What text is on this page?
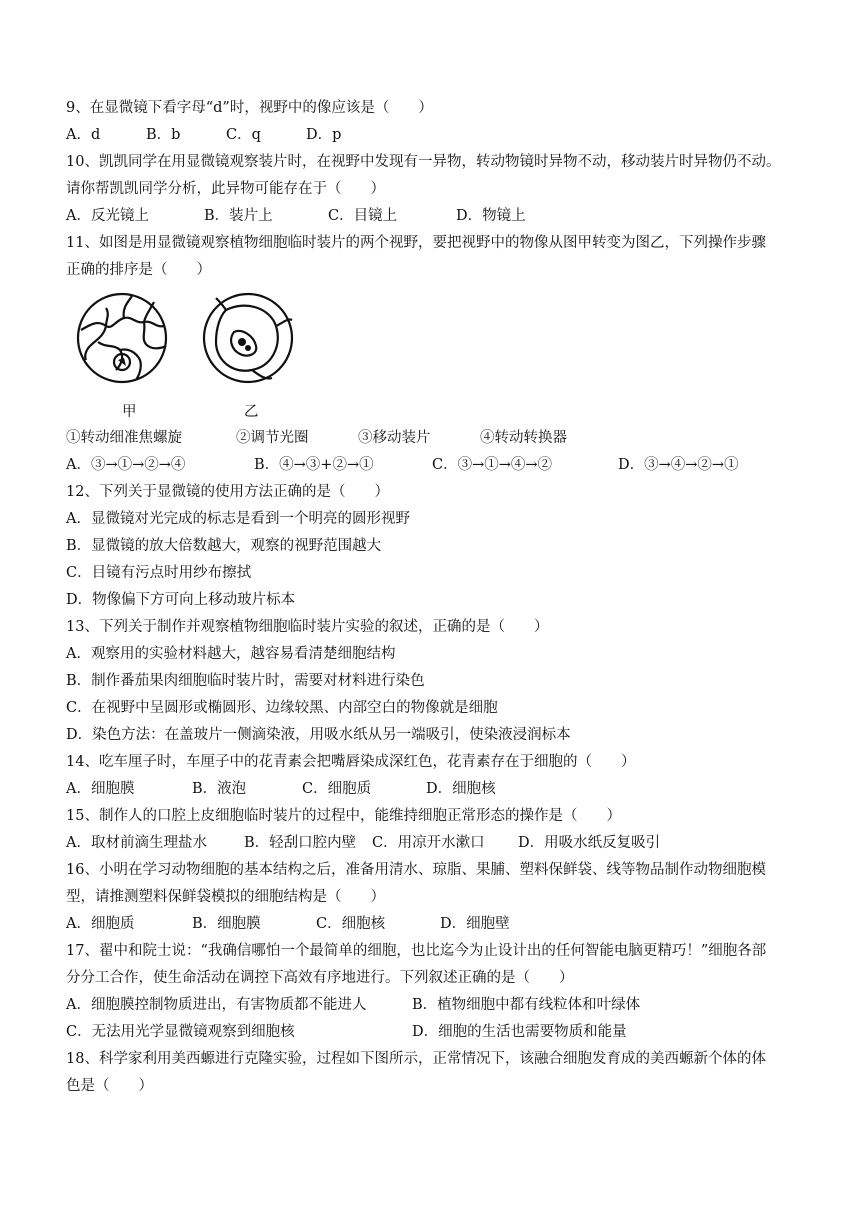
9、在显微镜下看字母“d”时，视野中的像应该是（　　）
A．d	B．b	C．q	D．p
10、凯凯同学在用显微镜观察装片时，在视野中发现有一异物，转动物镜时异物不动，移动装片时异物仍不动。
请你帮凯凯同学分析，此异物可能存在于（　　）
A．反光镜上	B．装片上	C．目镜上	D．物镜上
11、如图是用显微镜观察植物细胞临时装片的两个视野，要把视野中的物像从图甲转变为图乙，下列操作步骤
正确的排序是（　　）
甲	乙
①转动细准焦螺旋	②调节光圈	③移动装片	④转动转换器
A．③→①→②→④	B．④→③+②→①	C．③→①→④→②	D．③→④→②→①
12、下列关于显微镜的使用方法正确的是（　　）
A．显微镜对光完成的标志是看到一个明亮的圆形视野
B．显微镜的放大倍数越大，观察的视野范围越大
C．目镜有污点时用纱布擦拭
D．物像偏下方可向上移动玻片标本
13、下列关于制作并观察植物细胞临时装片实验的叙述，正确的是（　　）
A．观察用的实验材料越大，越容易看清楚细胞结构
B．制作番茄果肉细胞临时装片时，需要对材料进行染色
C．在视野中呈圆形或椭圆形、边缘较黑、内部空白的物像就是细胞
D．染色方法：在盖玻片一侧滴染液，用吸水纸从另一端吸引，使染液浸润标本
14、吃车厘子时，车厘子中的花青素会把嘴唇染成深红色，花青素存在于细胞的（　　）
A．细胞膜	B．液泡	C．细胞质	D．细胞核
15、制作人的口腔上皮细胞临时装片的过程中，能维持细胞正常形态的操作是（　　）
A．取材前滴生理盐水	B．轻刮口腔内壁 C．用凉开水漱口 D．用吸水纸反复吸引
16、小明在学习动物细胞的基本结构之后，准备用清水、琼脂、果脯、塑料保鲜袋、线等物品制作动物细胞模
型，请推测塑料保鲜袋模拟的细胞结构是（　　）
A．细胞质	B．细胞膜	C．细胞核	D．细胞壁
17、翟中和院士说：“我确信哪怕一个最简单的细胞，也比迄今为止设计出的任何智能电脑更精巧！”细胞各部
分分工合作，使生命活动在调控下高效有序地进行。下列叙述正确的是（　　）
A．细胞膜控制物质进出，有害物质都不能进人	B．植物细胞中都有线粒体和叶绿体
C．无法用光学显微镜观察到细胞核	D．细胞的生活也需要物质和能量
18、科学家利用美西螈进行克隆实验，过程如下图所示，正常情况下，该融合细胞发育成的美西螈新个体的体
色是（　　）
